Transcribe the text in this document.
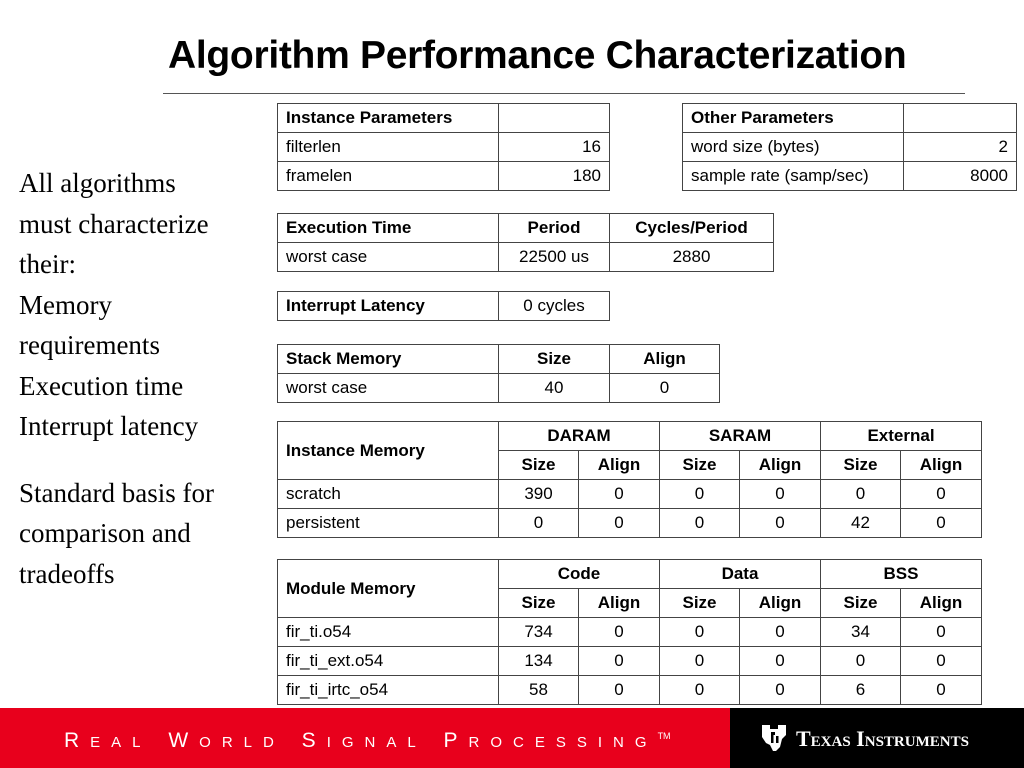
Algorithm Performance Characterization
All algorithms
must characterize
their:
Memory
requirements
Execution time
Interrupt latency
Standard basis for
comparison and
tradeoffs
Instance Parameters	
filterlen	16
framelen	180
Other Parameters	
word size (bytes)	2
sample rate (samp/sec)	8000
Execution Time	Period	Cycles/Period
worst case	22500 us	2880
Interrupt Latency	0 cycles
Stack Memory	Size	Align
worst case	40	0
Instance Memory	DARAM		SARAM		External	
	Size	Align	Size	Align	Size	Align
scratch	390	0	0	0	0	0
persistent	0	0	0	0	42	0
Module Memory	Code		Data		BSS	
	Size	Align	Size	Align	Size	Align
fir_ti.o54	734	0	0	0	34	0
fir_ti_ext.o54	134	0	0	0	0	0
fir_ti_irtc_o54	58	0	0	0	6	0
Real World Signal Processing™	Texas Instruments
